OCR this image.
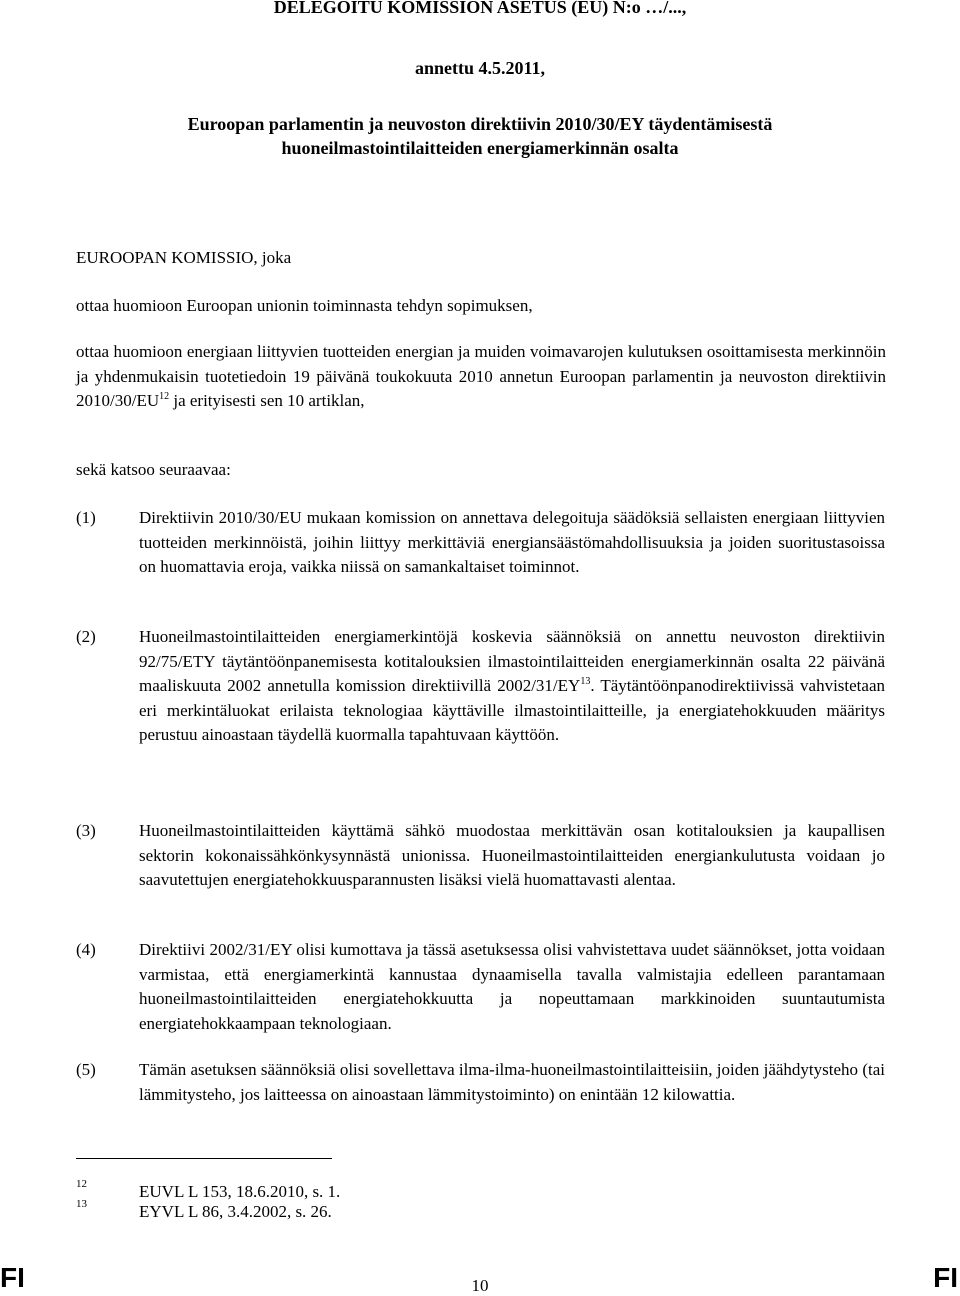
DELEGOITU KOMISSION ASETUS (EU) N:o …/...,
annettu 4.5.2011,
Euroopan parlamentin ja neuvoston direktiivin 2010/30/EY täydentämisestä
huoneilmastointilaitteiden energiamerkinnän osalta
EUROOPAN KOMISSIO, joka
ottaa huomioon Euroopan unionin toiminnasta tehdyn sopimuksen,
ottaa huomioon energiaan liittyvien tuotteiden energian ja muiden voimavarojen kulutuksen osoittamisesta merkinnöin ja yhdenmukaisin tuotetiedoin 19 päivänä toukokuuta 2010 annetun Euroopan parlamentin ja neuvoston direktiivin 2010/30/EU$^{12}$ ja erityisesti sen 10 artiklan,
sekä katsoo seuraavaa:
(1)	Direktiivin 2010/30/EU mukaan komission on annettava delegoituja säädöksiä sellaisten energiaan liittyvien tuotteiden merkinnöistä, joihin liittyy merkittäviä energiansäästömahdollisuuksia ja joiden suoritustasoissa on huomattavia eroja, vaikka niissä on samankaltaiset toiminnot.
(2)	Huoneilmastointilaitteiden energiamerkintöjä koskevia säännöksiä on annettu neuvoston direktiivin 92/75/ETY täytäntöönpanemisesta kotitalouksien ilmastointilaitteiden energiamerkinnän osalta 22 päivänä maaliskuuta 2002 annetulla komission direktiivillä 2002/31/EY$^{13}$. Täytäntöönpanodirektiivissä vahvistetaan eri merkintäluokat erilaista teknologiaa käyttäville ilmastointilaitteille, ja energiatehokkuuden määritys perustuu ainoastaan täydellä kuormalla tapahtuvaan käyttöön.
(3)	Huoneilmastointilaitteiden käyttämä sähkö muodostaa merkittävän osan kotitalouksien ja kaupallisen sektorin kokonaissähkönkysynnästä unionissa. Huoneilmastointilaitteiden energiankulutusta voidaan jo saavutettujen energiatehokkuusparannusten lisäksi vielä huomattavasti alentaa.
(4)	Direktiivi 2002/31/EY olisi kumottava ja tässä asetuksessa olisi vahvistettava uudet säännökset, jotta voidaan varmistaa, että energiamerkintä kannustaa dynaamisella tavalla valmistajia edelleen parantamaan huoneilmastointilaitteiden energiatehokkuutta ja nopeuttamaan markkinoiden suuntautumista energiatehokkaampaan teknologiaan.
(5)	Tämän asetuksen säännöksiä olisi sovellettava ilma-ilma-huoneilmastointilaitteisiin, joiden jäähdytysteho (tai lämmitysteho, jos laitteessa on ainoastaan lämmitystoiminto) on enintään 12 kilowattia.
12	EUVL L 153, 18.6.2010, s. 1.
13	EYVL L 86, 3.4.2002, s. 26.
FI	10	FI
